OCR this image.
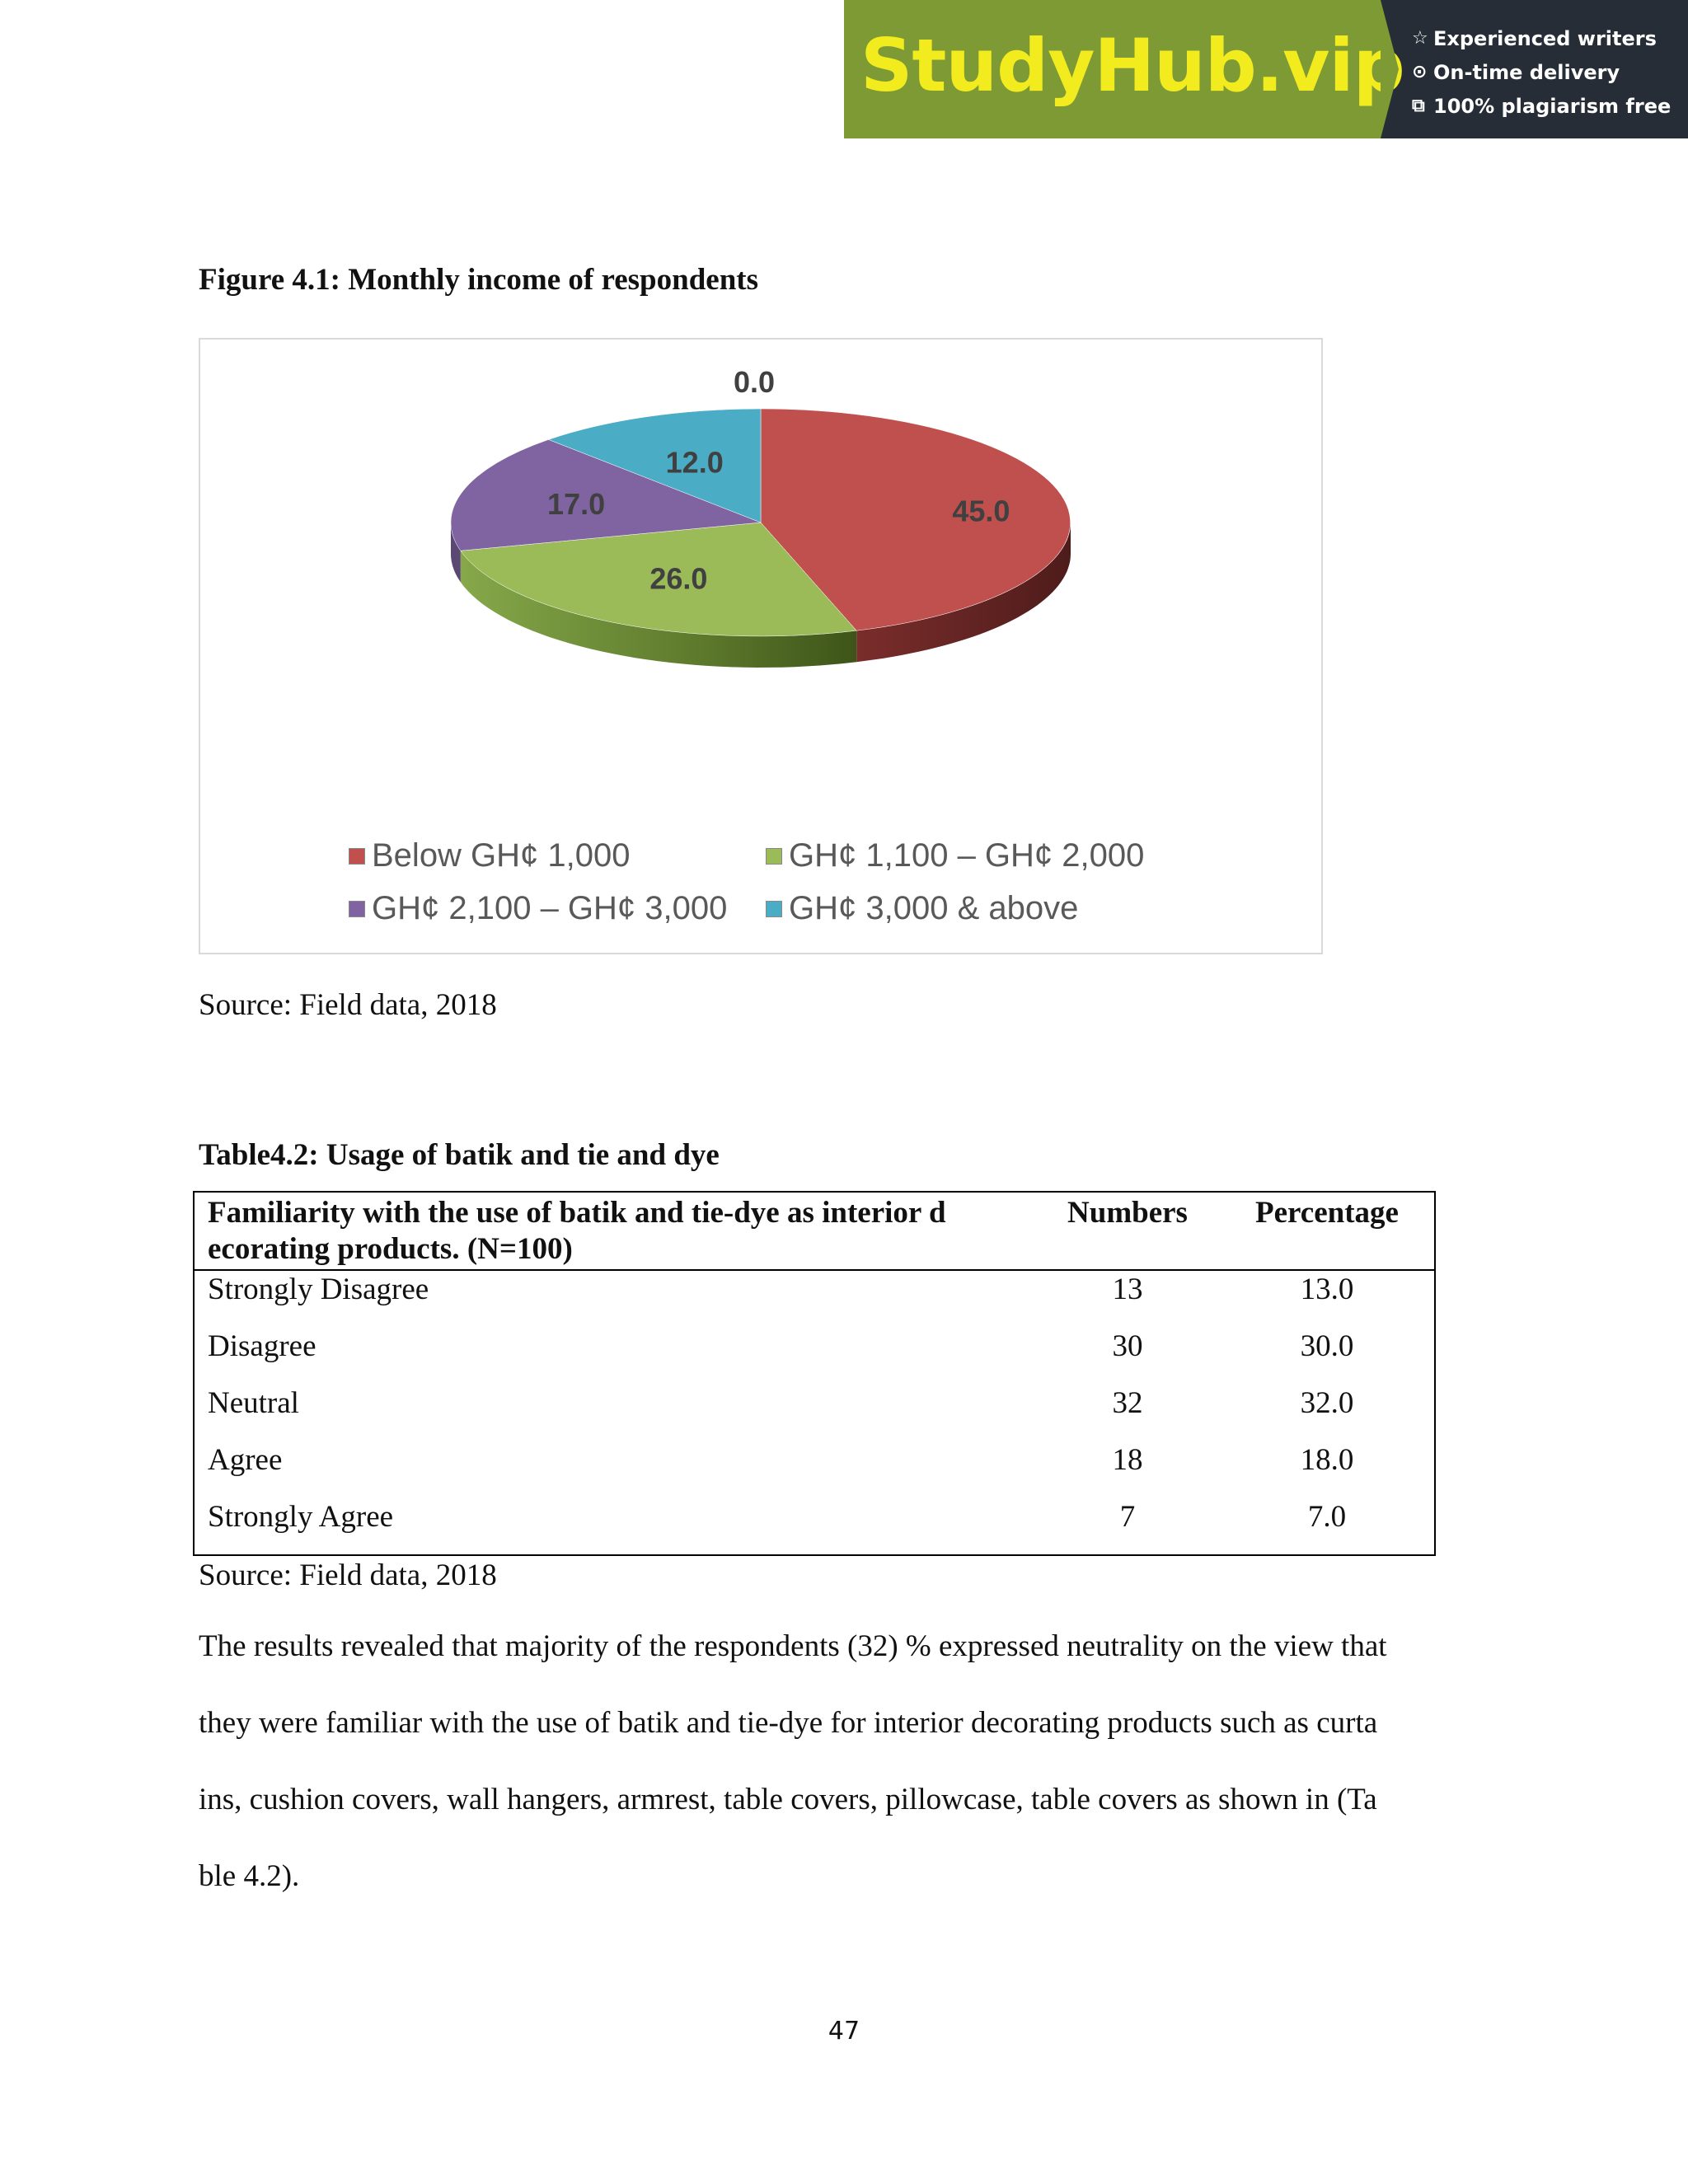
StudyHub.vip ☆ Experienced writers
⊙ On-time delivery
⧉ 100% plagiarism free
Figure 4.1: Monthly income of respondents
45.0
26.0
17.0
12.0
0.0
Below GH¢ 1,000	GH¢ 1,100 – GH¢ 2,000
GH¢ 2,100 – GH¢ 3,000 GH¢ 3,000 & above
Source: Field data, 2018
Table4.2: Usage of batik and tie and dye
Familiarity with the use of batik and tie-dye as interior d
ecorating products. (N=100)
Numbers	Percentage
Strongly Disagree	13	13.0
Disagree	30	30.0
Neutral	32	32.0
Agree	18	18.0
Strongly Agree	7	7.0
Source: Field data, 2018
The results revealed that majority of the respondents (32) % expressed neutrality on the view that
they were familiar with the use of batik and tie-dye for interior decorating products such as curta
ins, cushion covers, wall hangers, armrest, table covers, pillowcase, table covers as shown in (Ta
ble 4.2).
47
